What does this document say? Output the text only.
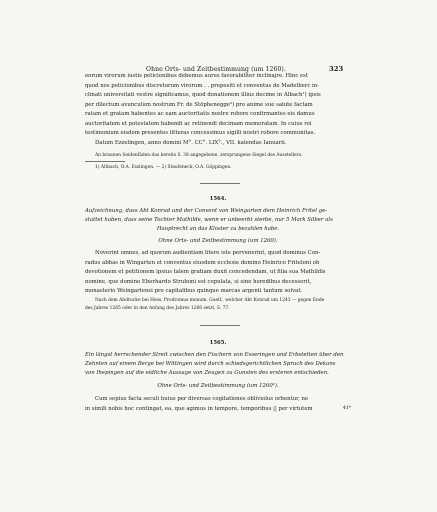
Ohne Orts- und Zeitbestimmung (um 1260).	323
eorum virorum iustis peticionibus debemus aures favorabiliter inclinajre. Hinc est
quod nos peticionibus discretorum virorum . . prepositi et conventus de Madelberc in-
clinati universitati vestre significamus, quod donationem illius decime in Albach¹) ipsis
per dilectum avunculum nostrum Fr. de Stöphenegge²) pro anime sue salute factam
ratam et gratam habentes ac eam auctoritatis nostre robore confirmantes eis damus
auctoritatem et potestatem habendi ac retinendi decimam memoratam. In cuius rei
testimonium eisdem presentes litteras concessimus sigilli nostri robore communitas.
Datum Ezzelingen, anno domini M°. CC°. LIX°., VII. kalendas Ianuarii.
An braunen Seidenfäden das bereits S. 38 angegebene, zersprungene Siegel des Ausstellers.
1) Altbach, O.A. Esslingen. — 2) Staufeneck, O.A. Göppingen.
1564.
Aufzeichnung, dass Abt Konrad und der Convent von Weingarten dem Heinrich Fritel ge-
stattet haben, dass seine Tochter Mathilde, wenn er unbeerbt sterbe, nur 5 Mark Silber als
Hauptrecht an das Kloster zu bezahlen habe.
Ohne Orts- und Zeitbestimmung (um 1260).
Noverint omnes, ad quorum audientiam litere iste pervenerint, quod dominus Con-
radus abbas in Wingarten et conventus eiusdem ecclesie domino Heinrico Friteloni ob
devotionem et petitionem ipsius talem gratiam duxit concedendam, ut filia sua Mathildis
nomine, que domino Eberhardo Struboni est copulata, si sine heredibus decesserit,
monasterio Weingartensi pro capitalibus quinque marcas argenti tantum solvat.
Nach dem Abdrucke bei Hess, Prodromus monum. Guelf., welcher Abt Konrad um 1243 — gegen Ende
des Jahres 1265 oder in den Anfang des Jahres 1266 setzt, S. 77.
1565.
Ein längst herrschender Streit zwischen den Fischern von Esseringen und Erbstetten über den
Zehnten auf einem Berge bei Wittingen wird durch schiedsgerichtlichen Spruch des Dekans
von Ihepingen auf die eidliche Aussage von Zeugen zu Gunsten des ersteren entschieden.
Ohne Orts- und Zeitbestimmung (um 1260¹).
Cum sepius facta seculi huius per diversas cogitationes obliviolus orbentur, ne
in simili nobis hoc contingat, ea, que agimus in tempore, temporibus || per virtutem	41*
